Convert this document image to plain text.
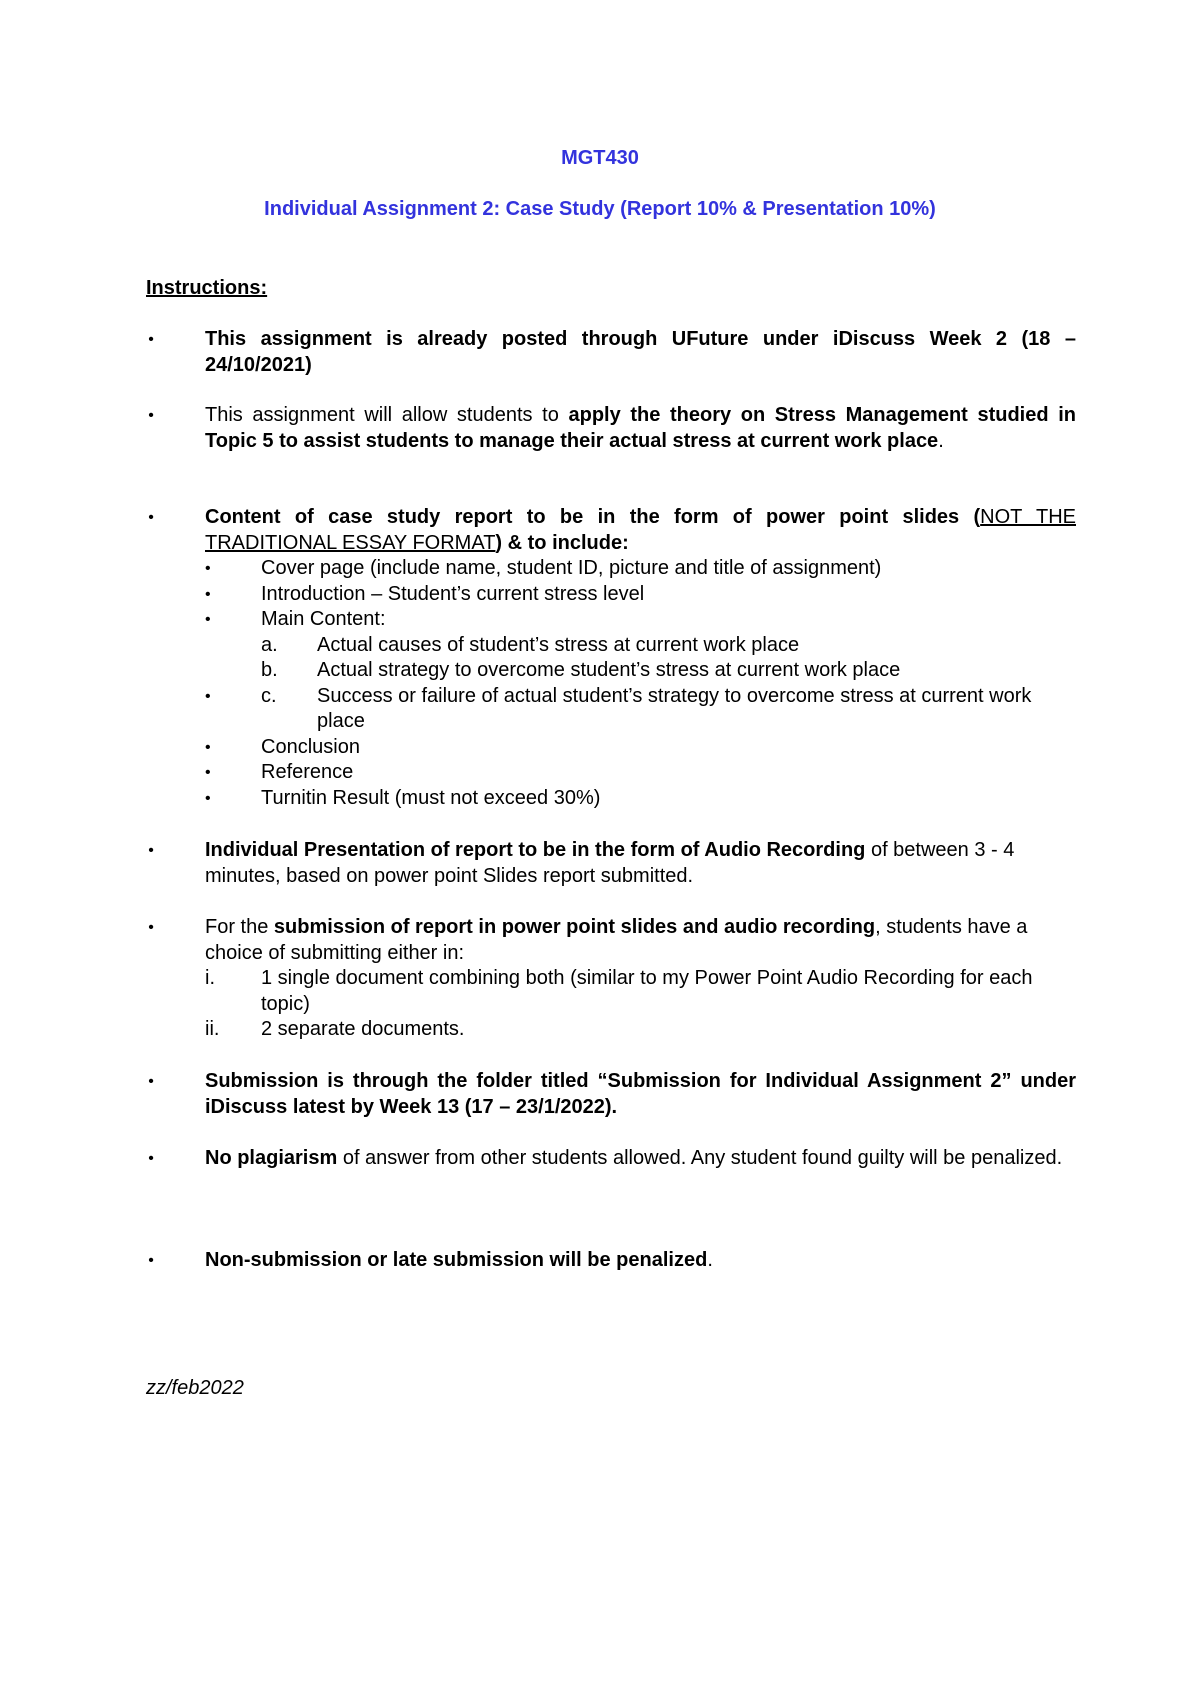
MGT430

Individual Assignment 2: Case Study (Report 10% & Presentation 10%)

Instructions:

•	This assignment is already posted through UFuture under iDiscuss Week 2 (18 – 24/10/2021)
•	This assignment will allow students to apply the theory on Stress Management studied in Topic 5 to assist students to manage their actual stress at current work place.
•	Content of case study report to be in the form of power point slides (NOT THE TRADITIONAL ESSAY FORMAT) & to include:
•	Cover page (include name, student ID, picture and title of assignment)
•	Introduction – Student’s current stress level
•	Main Content:
a. Actual causes of student’s stress at current work place
b. Actual strategy to overcome student’s stress at current work place
•	c. Success or failure of actual student’s strategy to overcome stress at current work place
•	Conclusion
•	Reference
•	Turnitin Result (must not exceed 30%)
•	Individual Presentation of report to be in the form of Audio Recording of between 3 - 4 minutes, based on power point Slides report submitted.
•	For the submission of report in power point slides and audio recording, students have a choice of submitting either in:
i. 1 single document combining both (similar to my Power Point Audio Recording for each topic)
ii. 2 separate documents.
•	Submission is through the folder titled “Submission for Individual Assignment 2” under iDiscuss latest by Week 13 (17 – 23/1/2022).
•	No plagiarism of answer from other students allowed. Any student found guilty will be penalized.
•	Non-submission or late submission will be penalized.
zz/feb2022
